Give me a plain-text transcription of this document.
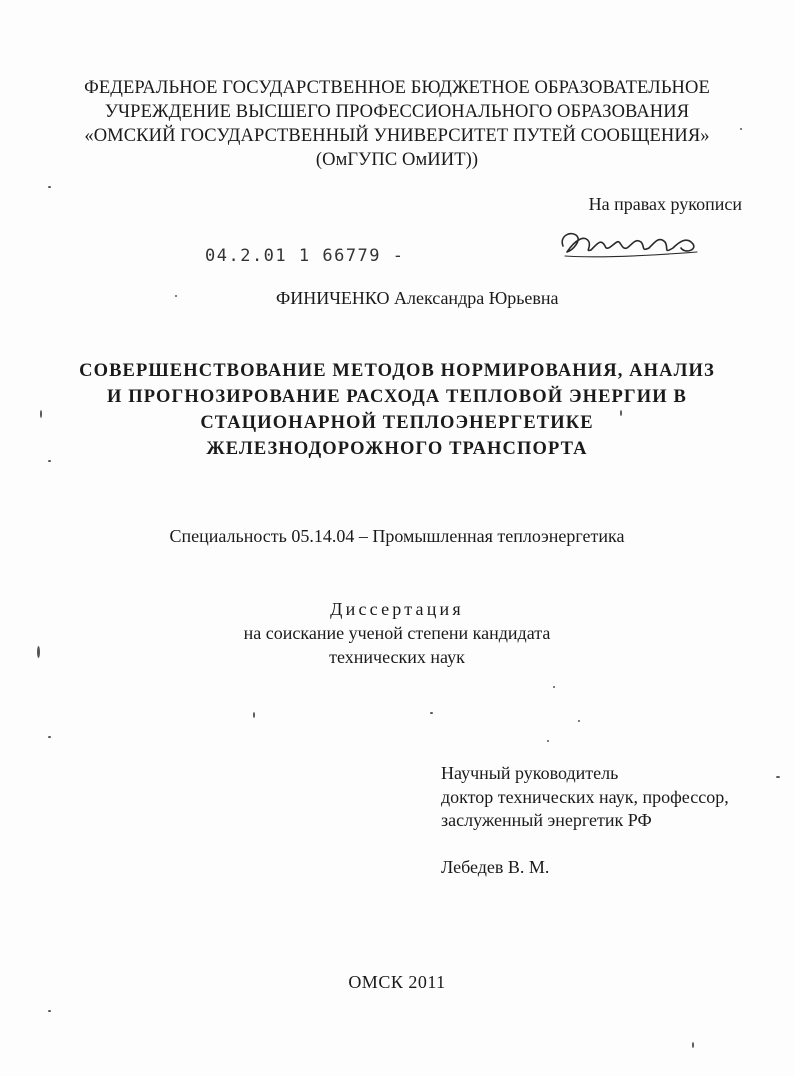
ФЕДЕРАЛЬНОЕ ГОСУДАРСТВЕННОЕ БЮДЖЕТНОЕ ОБРАЗОВАТЕЛЬНОЕ
УЧРЕЖДЕНИЕ ВЫСШЕГО ПРОФЕССИОНАЛЬНОГО ОБРАЗОВАНИЯ
«ОМСКИЙ ГОСУДАРСТВЕННЫЙ УНИВЕРСИТЕТ ПУТЕЙ СООБЩЕНИЯ»
(ОмГУПС ОмИИТ))
На правах рукописи
04.2.01 1 66779 -
ФИНИЧЕНКО Александра Юрьевна
СОВЕРШЕНСТВОВАНИЕ МЕТОДОВ НОРМИРОВАНИЯ, АНАЛИЗ
И ПРОГНОЗИРОВАНИЕ РАСХОДА ТЕПЛОВОЙ ЭНЕРГИИ В
СТАЦИОНАРНОЙ ТЕПЛОЭНЕРГЕТИКЕ
ЖЕЛЕЗНОДОРОЖНОГО ТРАНСПОРТА
Специальность 05.14.04 – Промышленная теплоэнергетика
Диссертация
на соискание ученой степени кандидата
технических наук
Научный руководитель
доктор технических наук, профессор,
заслуженный энергетик РФ
Лебедев В. М.
ОМСК 2011
